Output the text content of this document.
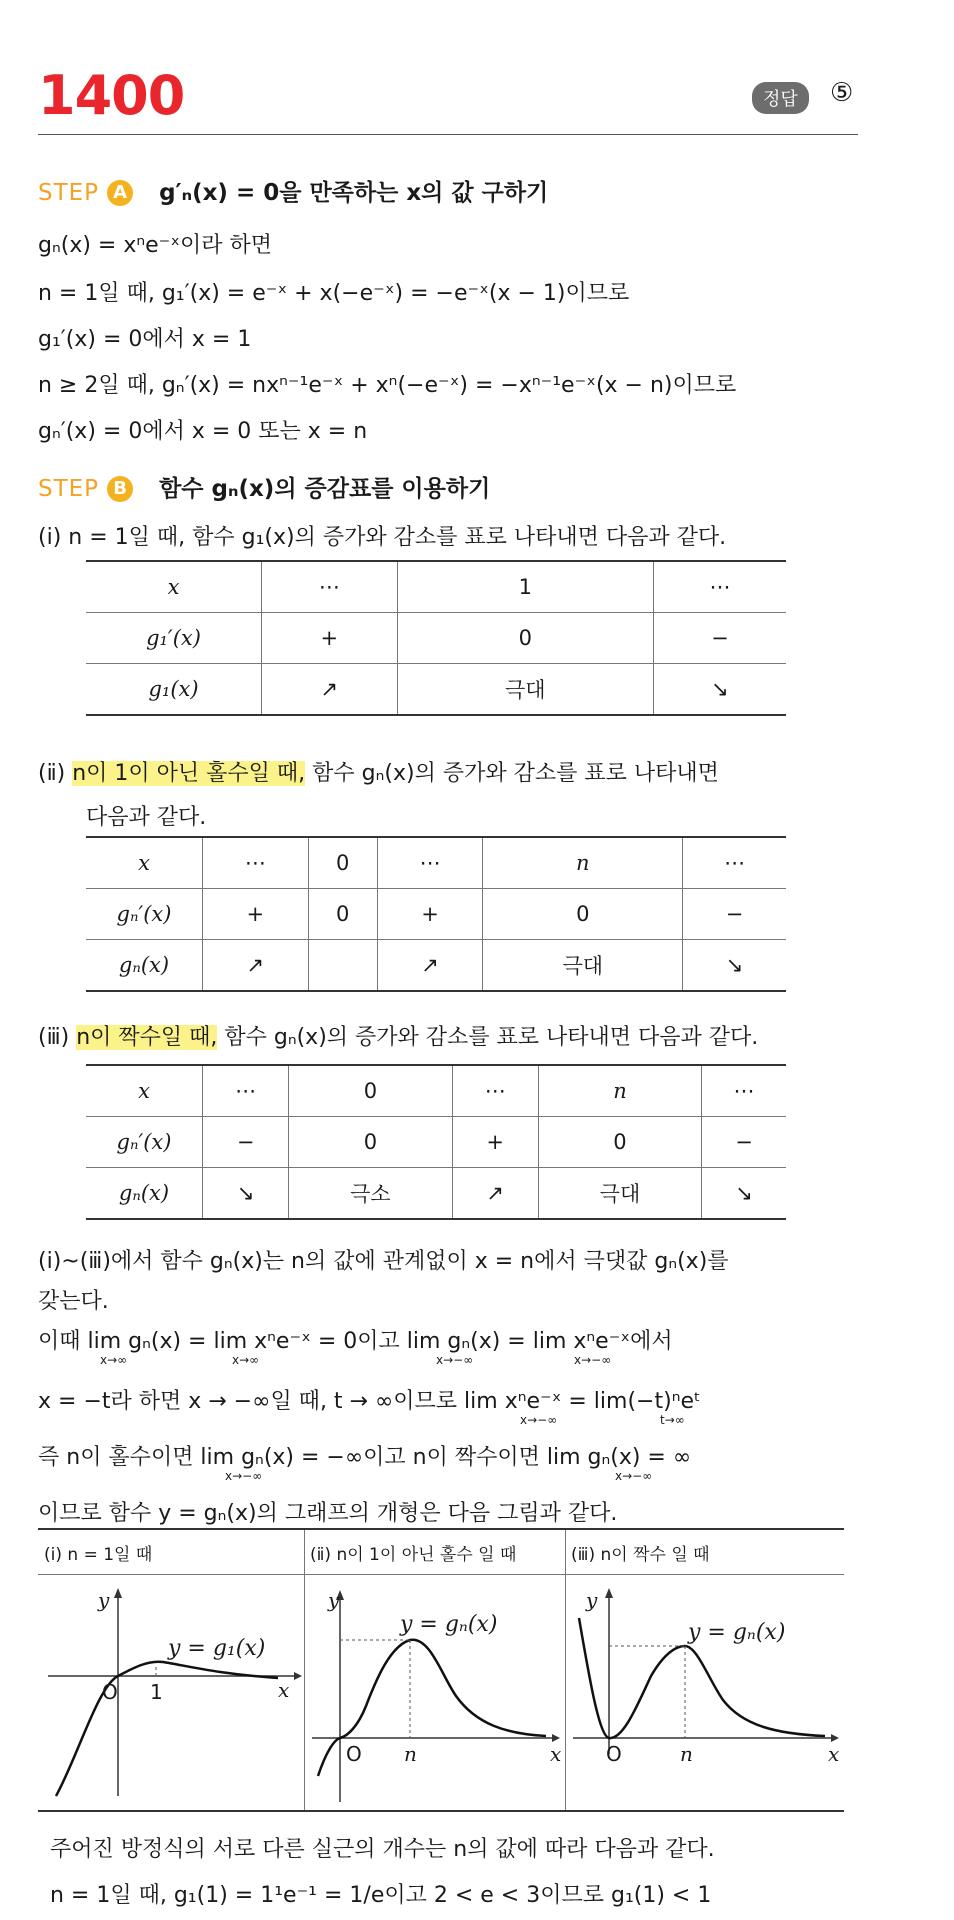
1400	정답	⑤
STEP A g′ₙ(x) = 0을 만족하는 x의 값 구하기
gₙ(x) = xⁿe⁻ˣ이라 하면
n = 1일 때, g₁′(x) = e⁻ˣ + x(−e⁻ˣ) = −e⁻ˣ(x − 1)이므로
g₁′(x) = 0에서 x = 1
n ≥ 2일 때, gₙ′(x) = nxⁿ⁻¹e⁻ˣ + xⁿ(−e⁻ˣ) = −xⁿ⁻¹e⁻ˣ(x − n)이므로
gₙ′(x) = 0에서 x = 0 또는 x = n
STEP B 함수 gₙ(x)의 증감표를 이용하기
(ⅰ) n = 1일 때, 함수 g₁(x)의 증가와 감소를 표로 나타내면 다음과 같다.
x	⋯	1	⋯
g₁′(x)	+	0	−
g₁(x)	↗	극대	↘
(ⅱ) n이 1이 아닌 홀수일 때, 함수 gₙ(x)의 증가와 감소를 표로 나타내면
다음과 같다.
x	⋯	0	⋯	n	⋯
gₙ′(x)	+	0	+	0	−
gₙ(x)	↗		↗	극대	↘
(ⅲ) n이 짝수일 때, 함수 gₙ(x)의 증가와 감소를 표로 나타내면 다음과 같다.
x	⋯	0	⋯	n	⋯
gₙ′(x)	−	0	+	0	−
gₙ(x)	↘	극소	↗	극대	↘
(ⅰ)~(ⅲ)에서 함수 gₙ(x)는 n의 값에 관계없이 x = n에서 극댓값 gₙ(x)를
갖는다.
이때 lim gₙ(x) = lim xⁿe⁻ˣ = 0이고 lim gₙ(x) = lim xⁿe⁻ˣ에서
x→∞	x→∞	x→−∞	x→−∞
x = −t라 하면 x → −∞일 때, t → ∞이므로 lim xⁿe⁻ˣ = lim(−t)ⁿeᵗ
x→−∞	t→∞
즉 n이 홀수이면 lim gₙ(x) = −∞이고 n이 짝수이면 lim gₙ(x) = ∞
x→−∞	x→−∞
이므로 함수 y = gₙ(x)의 그래프의 개형은 다음 그림과 같다.
(ⅰ) n = 1일 때	(ⅱ) n이 1이 아닌 홀수 일 때	(ⅲ) n이 짝수 일 때
y
x
y = g₁(x)
O 1
y
x
y = gₙ(x)
O n
y
x
y = gₙ(x)
O	n
주어진 방정식의 서로 다른 실근의 개수는 n의 값에 따라 다음과 같다.
n = 1일 때, g₁(1) = 1¹e⁻¹ = 1/e이고 2 < e < 3이므로 g₁(1) < 1
